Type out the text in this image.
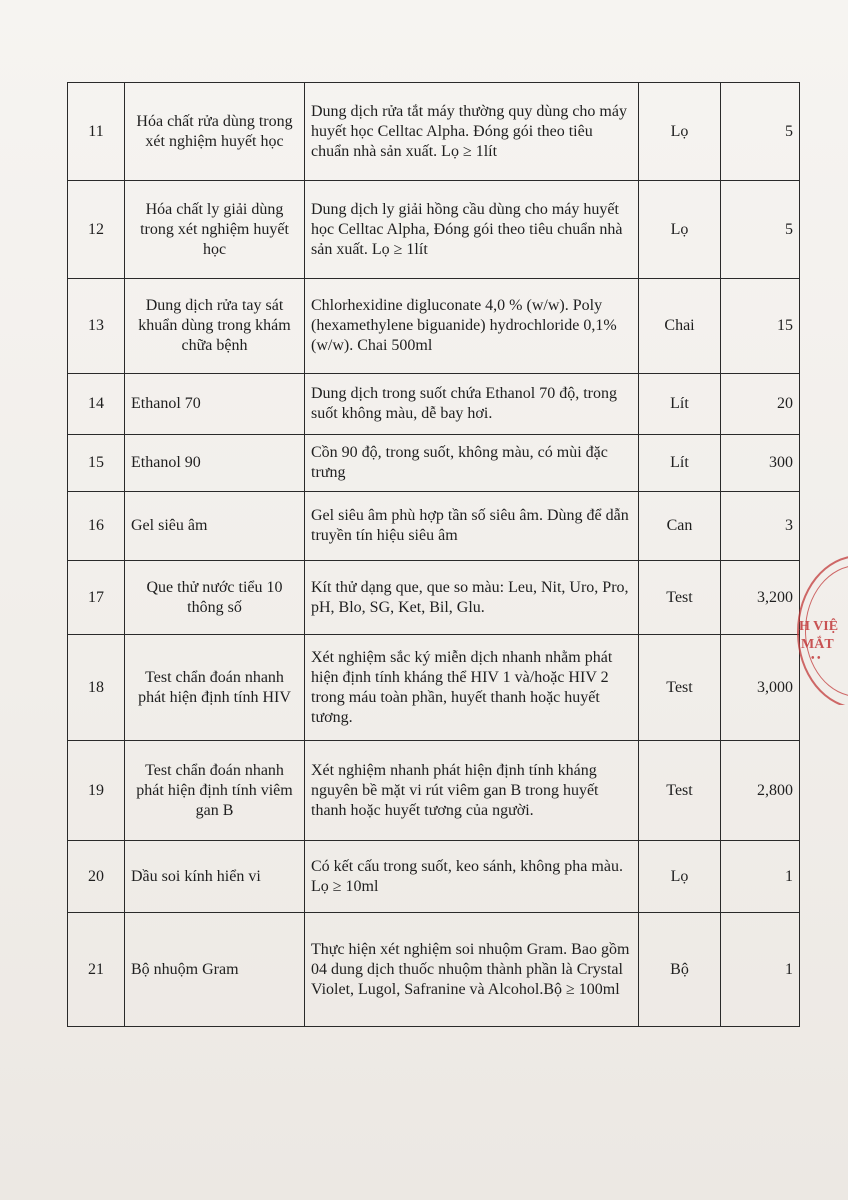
11	Hóa chất rửa dùng trong xét nghiệm huyết học	Dung dịch rửa tắt máy thường quy dùng cho máy huyết học Celltac Alpha. Đóng gói theo tiêu chuẩn nhà sản xuất. Lọ ≥ 1lít	Lọ	5
12	Hóa chất ly giải dùng trong xét nghiệm huyết học	Dung dịch ly giải hồng cầu dùng cho máy huyết học Celltac Alpha, Đóng gói theo tiêu chuẩn nhà sản xuất. Lọ ≥ 1lít	Lọ	5
13	Dung dịch rửa tay sát khuẩn dùng trong khám chữa bệnh	Chlorhexidine digluconate 4,0 % (w/w). Poly (hexamethylene biguanide) hydrochloride 0,1% (w/w). Chai 500ml	Chai	15
14	Ethanol 70	Dung dịch trong suốt chứa Ethanol 70 độ, trong suốt không màu, dễ bay hơi.	Lít	20
15	Ethanol 90	Cồn 90 độ, trong suốt, không màu, có mùi đặc trưng	Lít	300
16	Gel siêu âm	Gel siêu âm phù hợp tần số siêu âm. Dùng để dẫn truyền tín hiệu siêu âm	Can	3
17	Que thử nước tiểu 10 thông số	Kít thử dạng que, que so màu: Leu, Nit, Uro, Pro, pH, Blo, SG, Ket, Bil, Glu.	Test	3,200
18	Test chẩn đoán nhanh phát hiện định tính HIV	Xét nghiệm sắc ký miễn dịch nhanh nhằm phát hiện định tính kháng thể HIV 1 và/hoặc HIV 2 trong máu toàn phần, huyết thanh hoặc huyết tương.	Test	3,000
19	Test chẩn đoán nhanh phát hiện định tính viêm gan B	Xét nghiệm nhanh phát hiện định tính kháng nguyên bề mặt vi rút viêm gan B trong huyết thanh hoặc huyết tương của người.	Test	2,800
20	Dầu soi kính hiển vi	Có kết cấu trong suốt, keo sánh, không pha màu. Lọ ≥ 10ml	Lọ	1
21	Bộ nhuộm Gram	Thực hiện xét nghiệm soi nhuộm Gram. Bao gồm 04 dung dịch thuốc nhuộm thành phần là Crystal Violet, Lugol, Safranine và Alcohol.Bộ ≥ 100ml	Bộ	1
H VIỆ
MẮT
• •
